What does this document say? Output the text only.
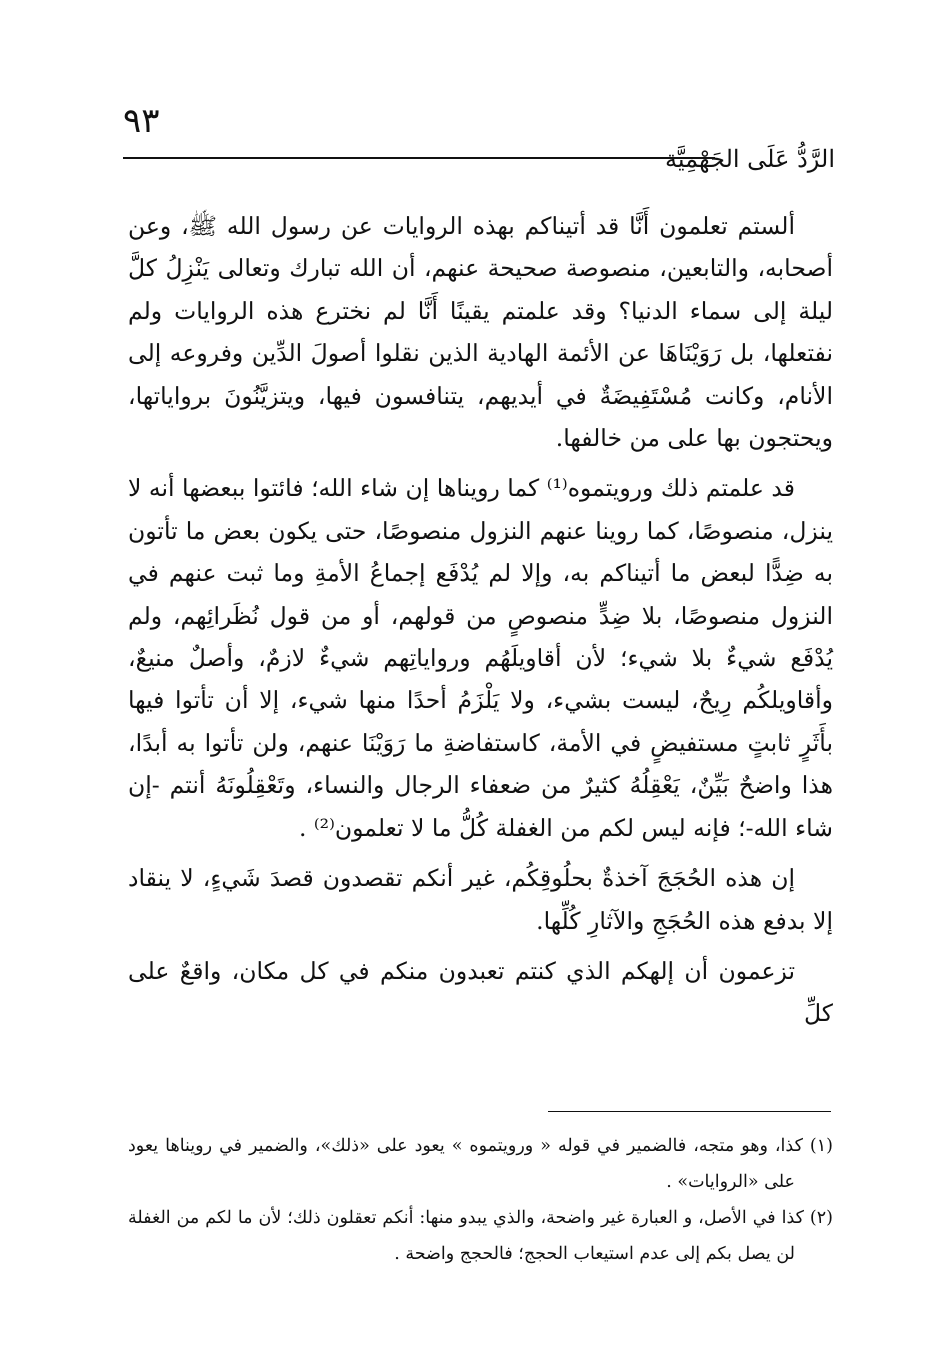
٩٣
الرَّدُّ عَلَى الجَهْمِيَّة

ألستم تعلمون أَنَّا قد أتيناكم بهذه الروايات عن رسول الله ﷺ، وعن أصحابه، والتابعين، منصوصة صحيحة عنهم، أن الله تبارك وتعالى يَنْزِلُ كلَّ ليلة إلى سماء الدنيا؟ وقد علمتم يقينًا أَنَّا لم نخترع هذه الروايات ولم نفتعلها، بل رَوَيْنَاهَا عن الأئمة الهادية الذين نقلوا أصولَ الدِّين وفروعه إلى الأنام، وكانت مُسْتَفِيضَةٌ في أيديهم، يتنافسون فيها، ويتزيَّنُونَ برواياتها، ويحتجون بها على من خالفها.

قد علمتم ذلك ورويتموه⁽¹⁾ كما رويناها إن شاء الله؛ فائتوا ببعضها أنه لا ينزل، منصوصًا، كما روينا عنهم النزول منصوصًا، حتى يكون بعض ما تأتون به ضِدًّا لبعض ما أتيناكم به، وإلا لم يُدْفَع إجماعُ الأمةِ وما ثبت عنهم في النزول منصوصًا، بلا ضِدٍّ منصوصٍ من قولهم، أو من قول نُظَرائِهم، ولم يُدْفَع شيءٌ بلا شيء؛ لأن أقاويلَهُم ورواياتِهم شيءٌ لازمٌ، وأصلٌ منيعٌ، وأقاويلكُم رِيحٌ، ليست بشيء، ولا يَلْزَمُ أحدًا منها شيء، إلا أن تأتوا فيها بأَثَرٍ ثابتٍ مستفيضٍ في الأمة، كاستفاضةِ ما رَوَيْنَا عنهم، ولن تأتوا به أبدًا، هذا واضحٌ بَيِّنٌ، يَعْقِلُهُ كثيرٌ من ضعفاء الرجال والنساء، وتَعْقِلُونَهُ أنتم -إن شاء الله-؛ فإنه ليس لكم من الغفلة كُلُّ ما لا تعلمون⁽²⁾ .

إن هذه الحُجَجَ آخذةٌ بحلُوقِكُم، غير أنكم تقصدون قصدَ شَيءٍ، لا ينقاد إلا بدفع هذه الحُجَجِ والآثارِ كُلِّها.

تزعمون أن إلهكم الذي كنتم تعبدون منكم في كل مكان، واقعٌ على كلِّ

(١) كذا، وهو متجه، فالضمير في قوله « ورويتموه » يعود على «ذلك»، والضمير في رويناها يعود على «الروايات» .

(٢) كذا في الأصل، و العبارة غير واضحة، والذي يبدو منها: أنكم تعقلون ذلك؛ لأن ما لكم من الغفلة لن يصل بكم إلى عدم استيعاب الحجج؛ فالحجج واضحة .
